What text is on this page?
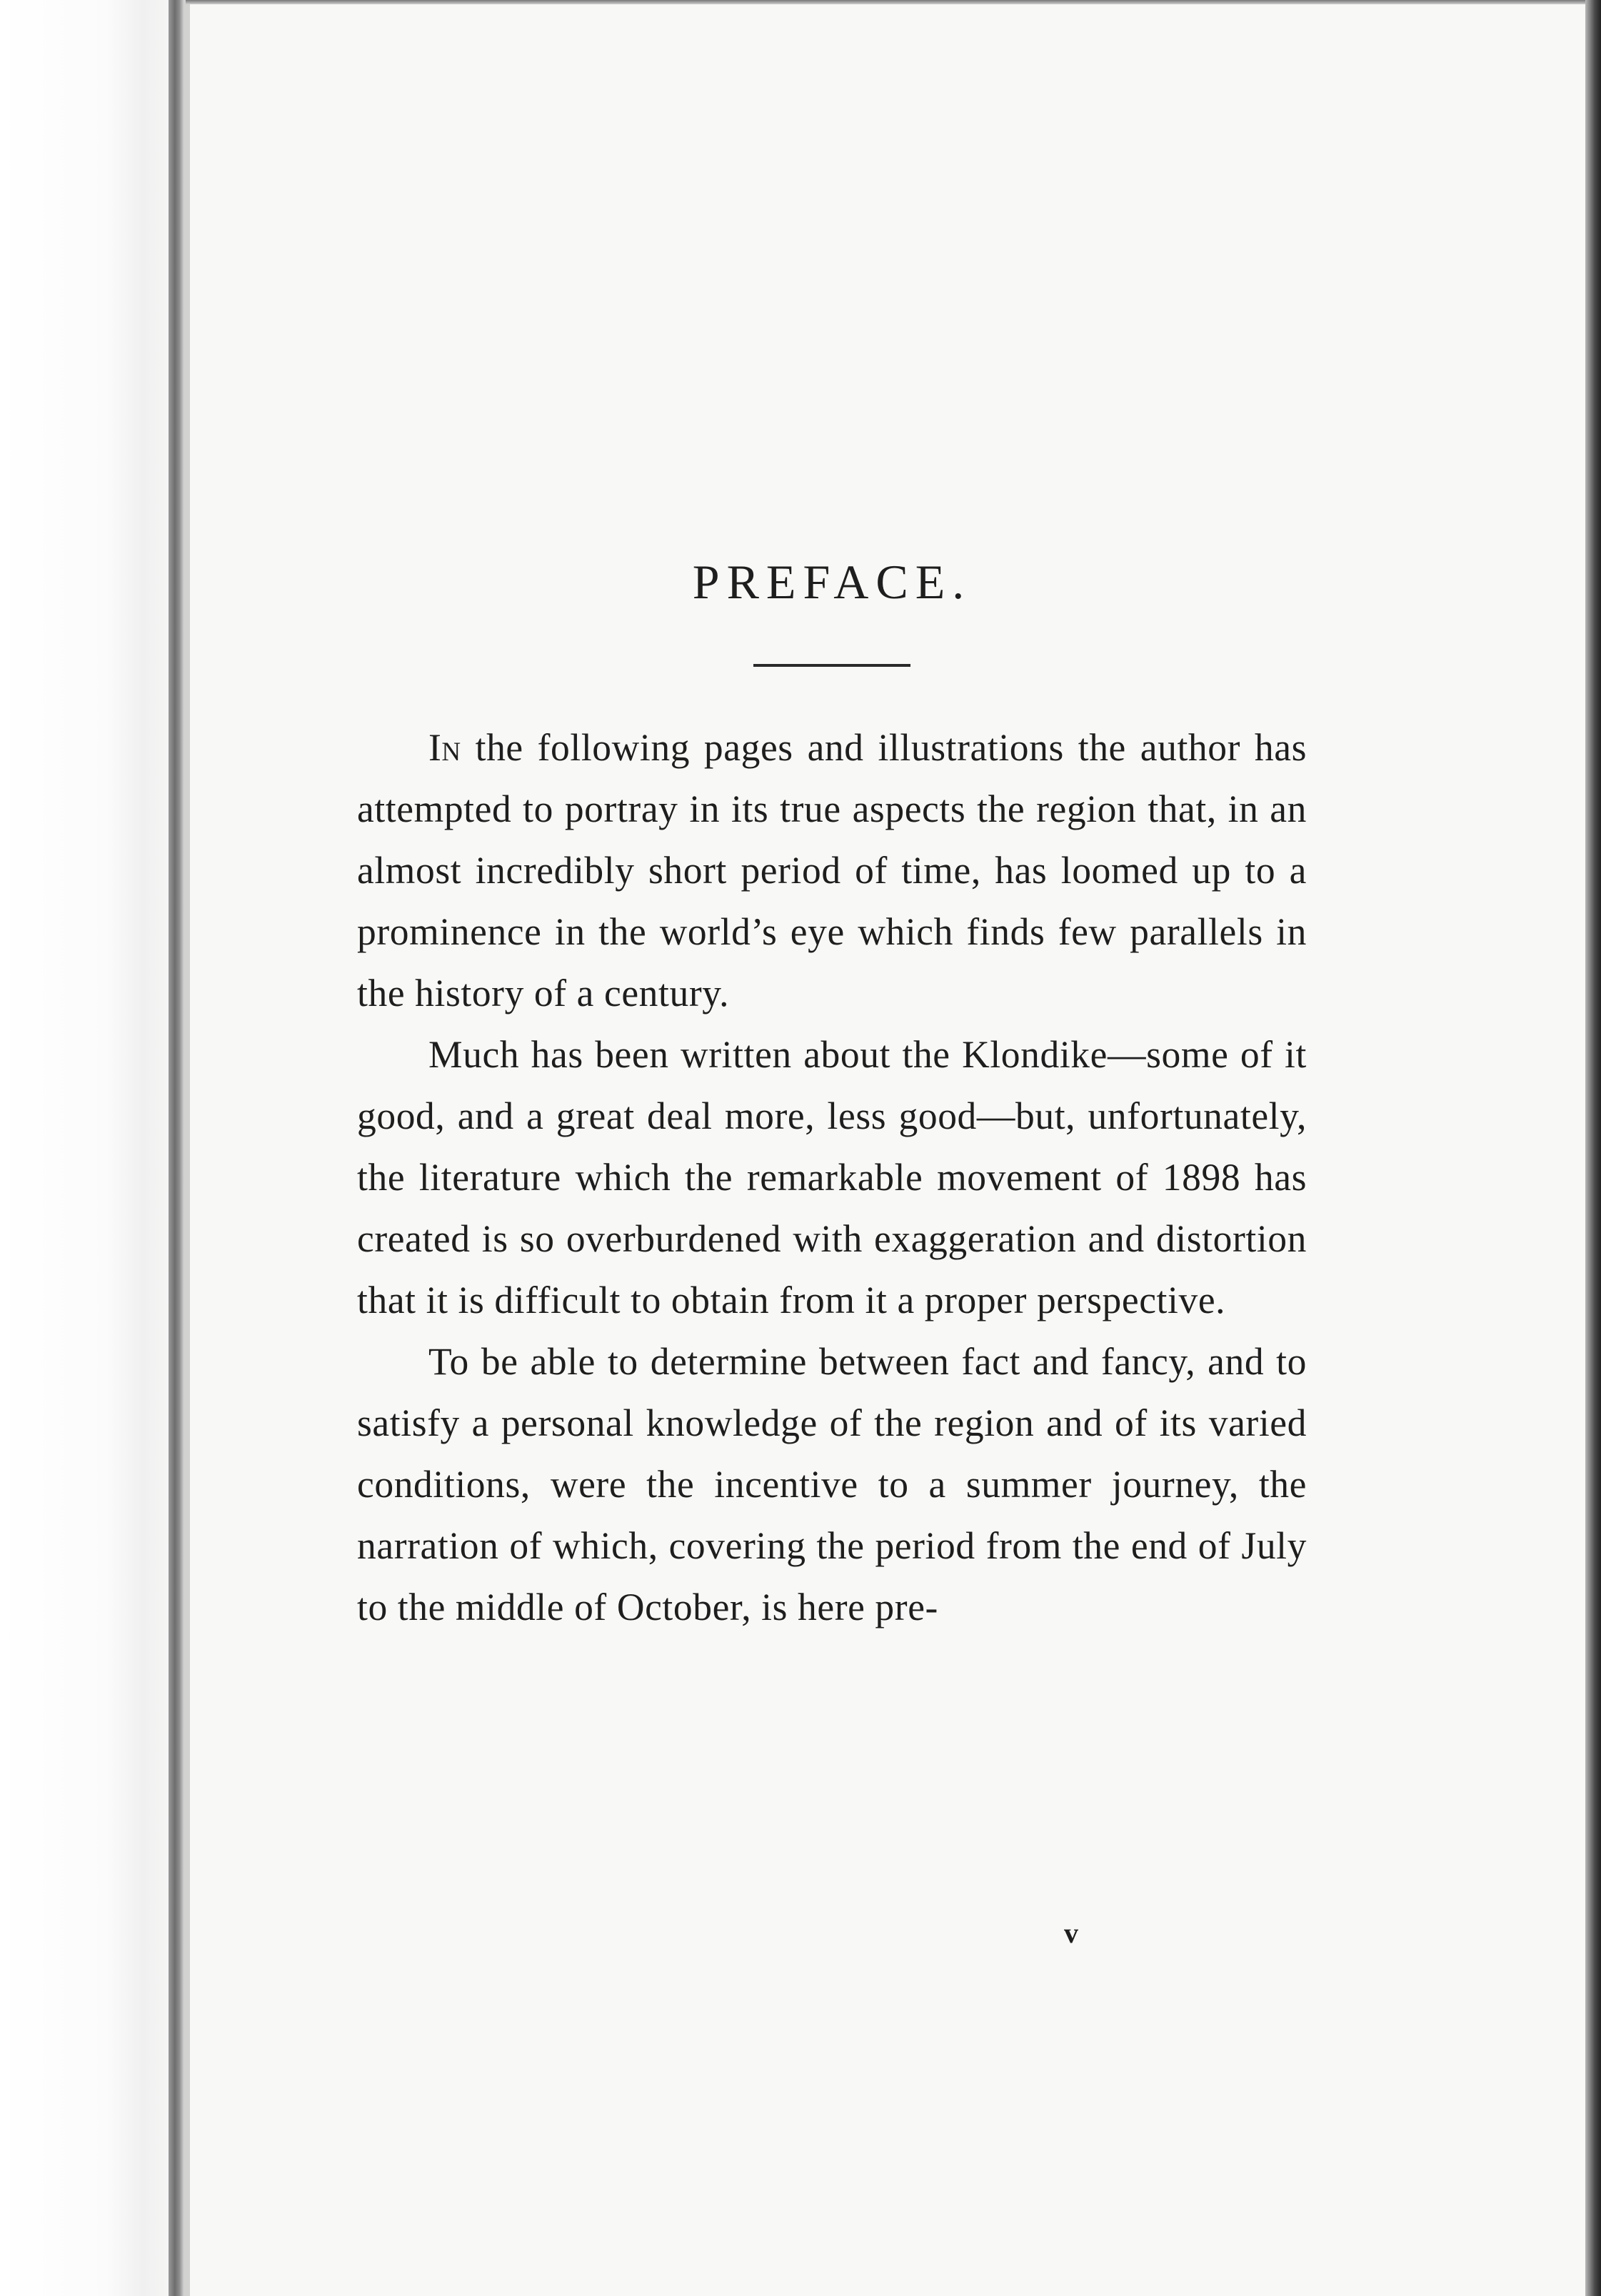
PREFACE.

In the following pages and illustrations the author has attempted to portray in its true aspects the region that, in an almost incredibly short period of time, has loomed up to a prominence in the world’s eye which finds few parallels in the history of a century.

Much has been written about the Klondike—some of it good, and a great deal more, less good—but, unfortunately, the literature which the remarkable movement of 1898 has created is so overburdened with exaggeration and distortion that it is difficult to obtain from it a proper perspective.

To be able to determine between fact and fancy, and to satisfy a personal knowledge of the region and of its varied conditions, were the incentive to a summer journey, the narration of which, covering the period from the end of July to the middle of October, is here pre-

v
